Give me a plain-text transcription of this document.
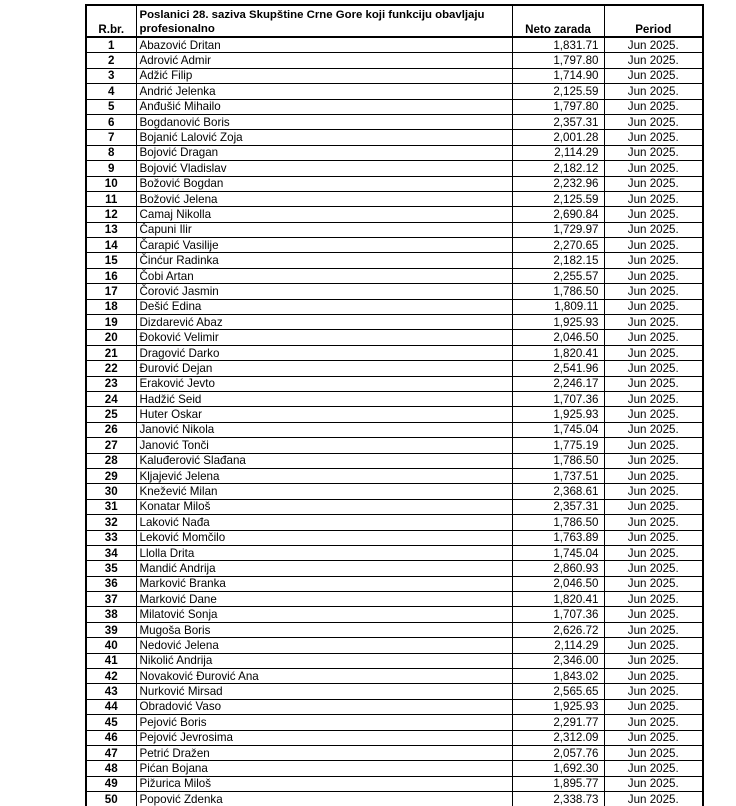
R.br.	Poslanici 28. saziva Skupštine Crne Gore koji funkciju obavljaju profesionalno	Neto zarada	Period
1	Abazović Dritan	1,831.71	Jun 2025.
2	Adrović Admir	1,797.80	Jun 2025.
3	Adžić Filip	1,714.90	Jun 2025.
4	Andrić Jelenka	2,125.59	Jun 2025.
5	Anđušić Mihailo	1,797.80	Jun 2025.
6	Bogdanović Boris	2,357.31	Jun 2025.
7	Bojanić Lalović Zoja	2,001.28	Jun 2025.
8	Bojović Dragan	2,114.29	Jun 2025.
9	Bojović Vladislav	2,182.12	Jun 2025.
10	Božović Bogdan	2,232.96	Jun 2025.
11	Božović Jelena	2,125.59	Jun 2025.
12	Camaj Nikolla	2,690.84	Jun 2025.
13	Čapuni Ilir	1,729.97	Jun 2025.
14	Čarapić Vasilije	2,270.65	Jun 2025.
15	Činćur Radinka	2,182.15	Jun 2025.
16	Čobi Artan	2,255.57	Jun 2025.
17	Čorović Jasmin	1,786.50	Jun 2025.
18	Dešić Edina	1,809.11	Jun 2025.
19	Dizdarević Abaz	1,925.93	Jun 2025.
20	Đoković Velimir	2,046.50	Jun 2025.
21	Dragović Darko	1,820.41	Jun 2025.
22	Đurović Dejan	2,541.96	Jun 2025.
23	Eraković Jevto	2,246.17	Jun 2025.
24	Hadžić Seid	1,707.36	Jun 2025.
25	Huter Oskar	1,925.93	Jun 2025.
26	Janović Nikola	1,745.04	Jun 2025.
27	Janović Tonči	1,775.19	Jun 2025.
28	Kaluđerović Slađana	1,786.50	Jun 2025.
29	Kljajević Jelena	1,737.51	Jun 2025.
30	Knežević Milan	2,368.61	Jun 2025.
31	Konatar Miloš	2,357.31	Jun 2025.
32	Laković Nađa	1,786.50	Jun 2025.
33	Leković Momčilo	1,763.89	Jun 2025.
34	Llolla Drita	1,745.04	Jun 2025.
35	Mandić Andrija	2,860.93	Jun 2025.
36	Marković Branka	2,046.50	Jun 2025.
37	Marković Dane	1,820.41	Jun 2025.
38	Milatović Sonja	1,707.36	Jun 2025.
39	Mugoša Boris	2,626.72	Jun 2025.
40	Nedović Jelena	2,114.29	Jun 2025.
41	Nikolić Andrija	2,346.00	Jun 2025.
42	Novaković Đurović Ana	1,843.02	Jun 2025.
43	Nurković Mirsad	2,565.65	Jun 2025.
44	Obradović Vaso	1,925.93	Jun 2025.
45	Pejović Boris	2,291.77	Jun 2025.
46	Pejović Jevrosima	2,312.09	Jun 2025.
47	Petrić Dražen	2,057.76	Jun 2025.
48	Pićan Bojana	1,692.30	Jun 2025.
49	Pižurica Miloš	1,895.77	Jun 2025.
50	Popović Zdenka	2,338.73	Jun 2025.
